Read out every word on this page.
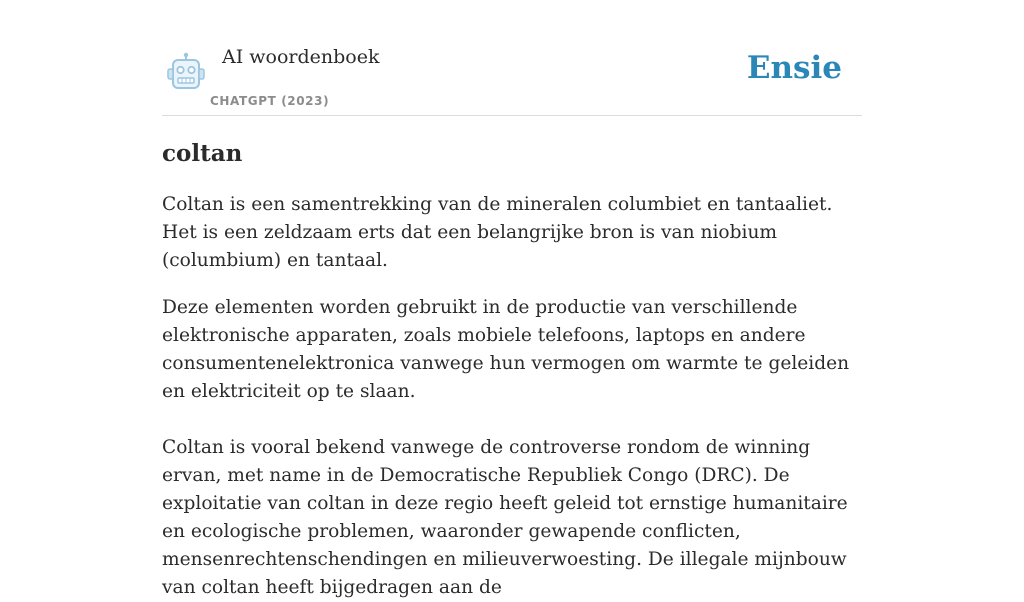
AI woordenboek
CHATGPT (2023)
Ensie
coltan

Coltan is een samentrekking van de mineralen columbiet en tantaaliet. Het is een zeldzaam erts dat een belangrijke bron is van niobium (columbium) en tantaal.

Deze elementen worden gebruikt in de productie van verschillende elektronische apparaten, zoals mobiele telefoons, laptops en andere consumentenelektronica vanwege hun vermogen om warmte te geleiden en elektriciteit op te slaan.

Coltan is vooral bekend vanwege de controverse rondom de winning ervan, met name in de Democratische Republiek Congo (DRC). De exploitatie van coltan in deze regio heeft geleid tot ernstige humanitaire en ecologische problemen, waaronder gewapende conflicten, mensenrechtenschendingen en milieuverwoesting. De illegale mijnbouw van coltan heeft bijgedragen aan de
